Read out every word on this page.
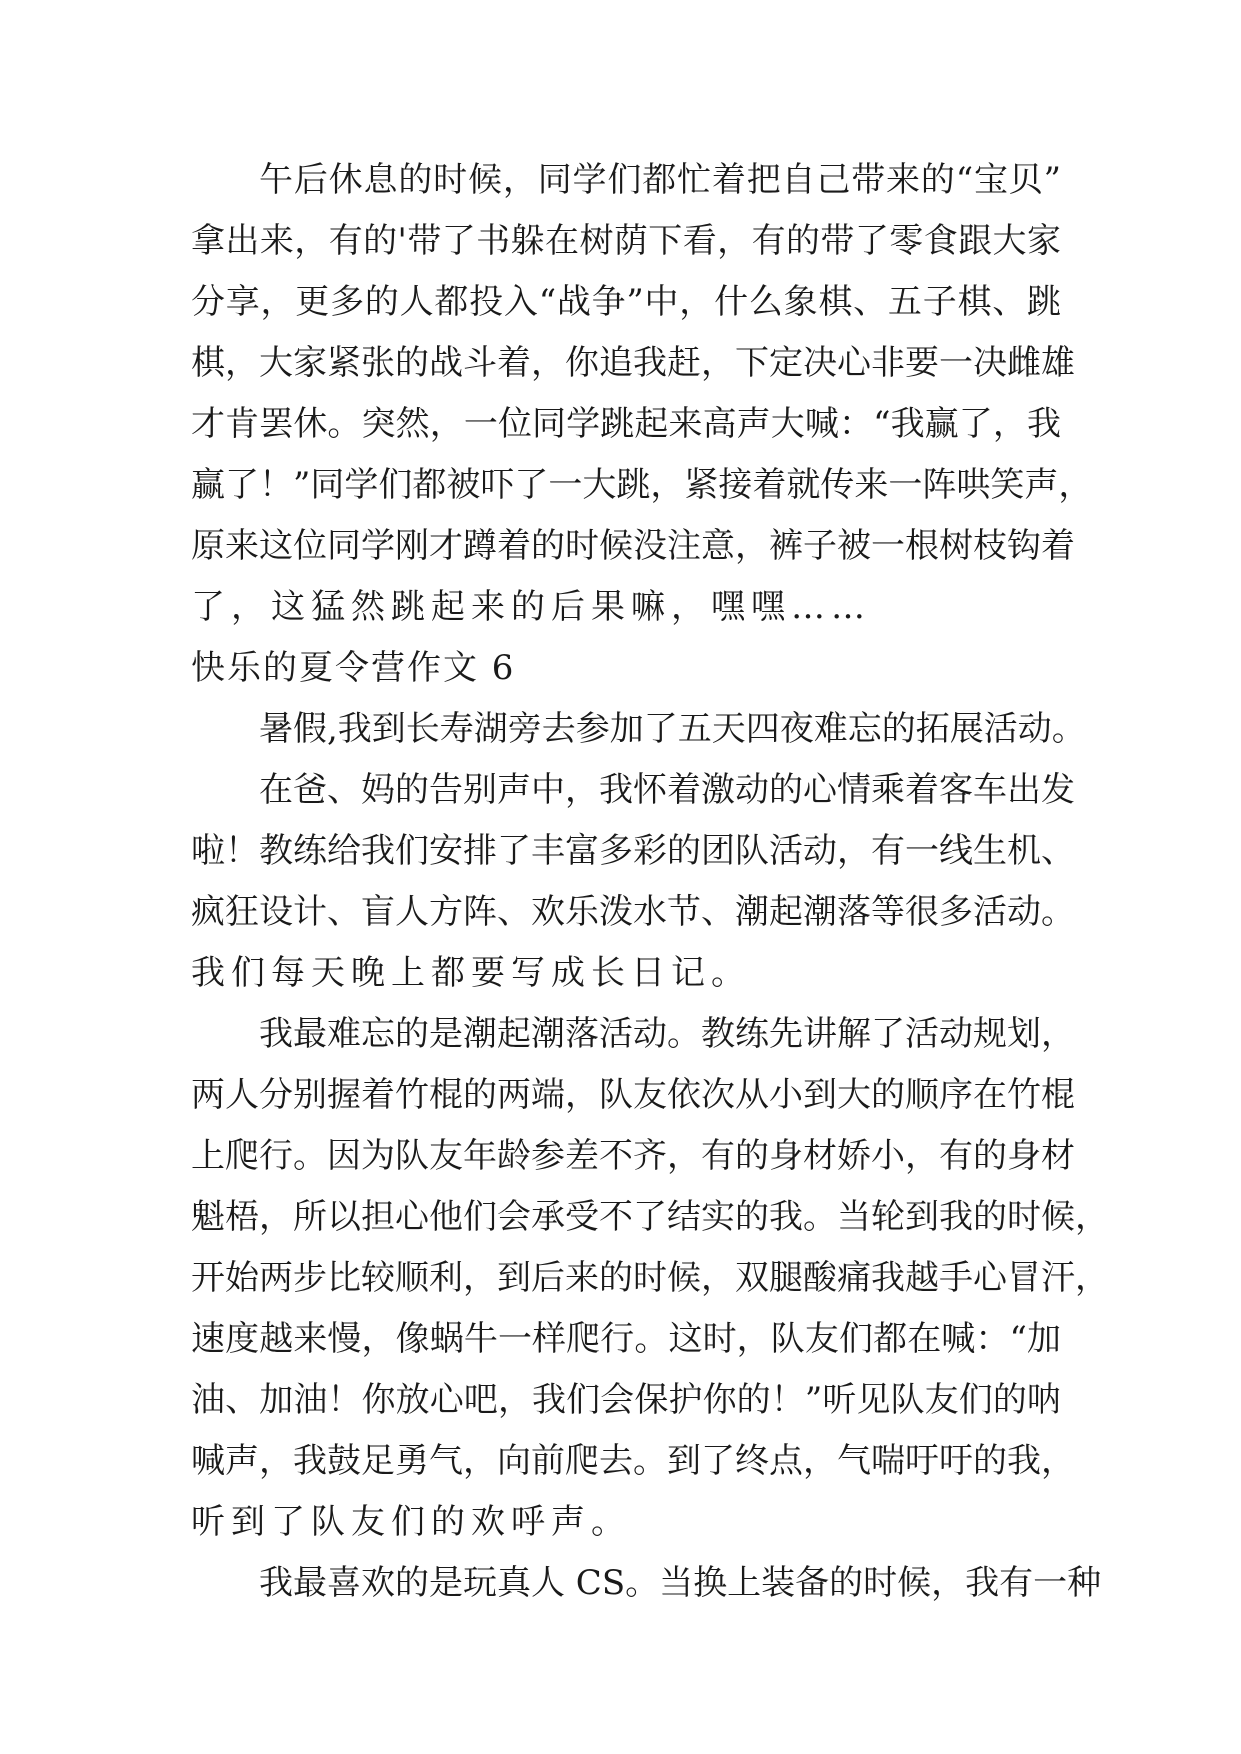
午后休息的时候，同学们都忙着把自己带来的“宝贝”
拿出来，有的'带了书躲在树荫下看，有的带了零食跟大家
分享，更多的人都投入“战争”中，什么象棋、五子棋、跳
棋，大家紧张的战斗着，你追我赶，下定决心非要一决雌雄
才肯罢休。突然，一位同学跳起来高声大喊：“我赢了，我
赢了！”同学们都被吓了一大跳，紧接着就传来一阵哄笑声，
原来这位同学刚才蹲着的时候没注意，裤子被一根树枝钩着
了，这猛然跳起来的后果嘛，嘿嘿……
快乐的夏令营作文 6
暑假,我到长寿湖旁去参加了五天四夜难忘的拓展活动。
在爸、妈的告别声中，我怀着激动的心情乘着客车出发
啦！教练给我们安排了丰富多彩的团队活动，有一线生机、
疯狂设计、盲人方阵、欢乐泼水节、潮起潮落等很多活动。
我们每天晚上都要写成长日记。
我最难忘的是潮起潮落活动。教练先讲解了活动规划，
两人分别握着竹棍的两端，队友依次从小到大的顺序在竹棍
上爬行。因为队友年龄参差不齐，有的身材娇小，有的身材
魁梧，所以担心他们会承受不了结实的我。当轮到我的时候，
开始两步比较顺利，到后来的时候，双腿酸痛我越手心冒汗，
速度越来慢，像蜗牛一样爬行。这时，队友们都在喊：“加
油、加油！你放心吧，我们会保护你的！”听见队友们的呐
喊声，我鼓足勇气，向前爬去。到了终点，气喘吁吁的我，
听到了队友们的欢呼声。
我最喜欢的是玩真人 CS。当换上装备的时候，我有一种
